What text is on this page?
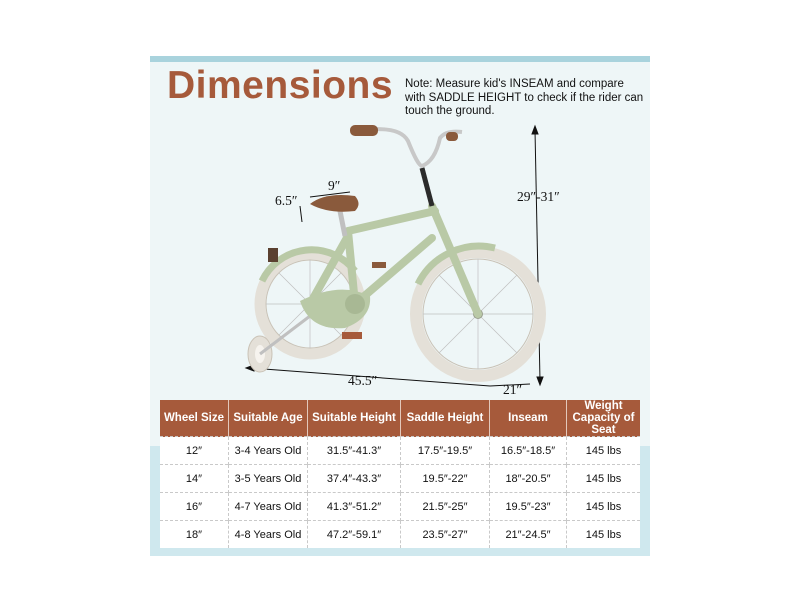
Dimensions Note: Measure kid's INSEAM and compare with SADDLE HEIGHT to check if the rider can touch the ground.
9″
6.5″	29″-31″
45.5″
21″
Wheel Size	Suitable Age	Suitable Height	Saddle Height	Inseam	Weight Capacity of Seat
12″	3-4 Years Old	31.5″-41.3″	17.5″-19.5″	16.5″-18.5″	145 lbs
14″	3-5 Years Old	37.4″-43.3″	19.5″-22″	18″-20.5″	145 lbs
16″	4-7 Years Old	41.3″-51.2″	21.5″-25″	19.5″-23″	145 lbs
18″	4-8 Years Old	47.2″-59.1″	23.5″-27″	21″-24.5″	145 lbs
